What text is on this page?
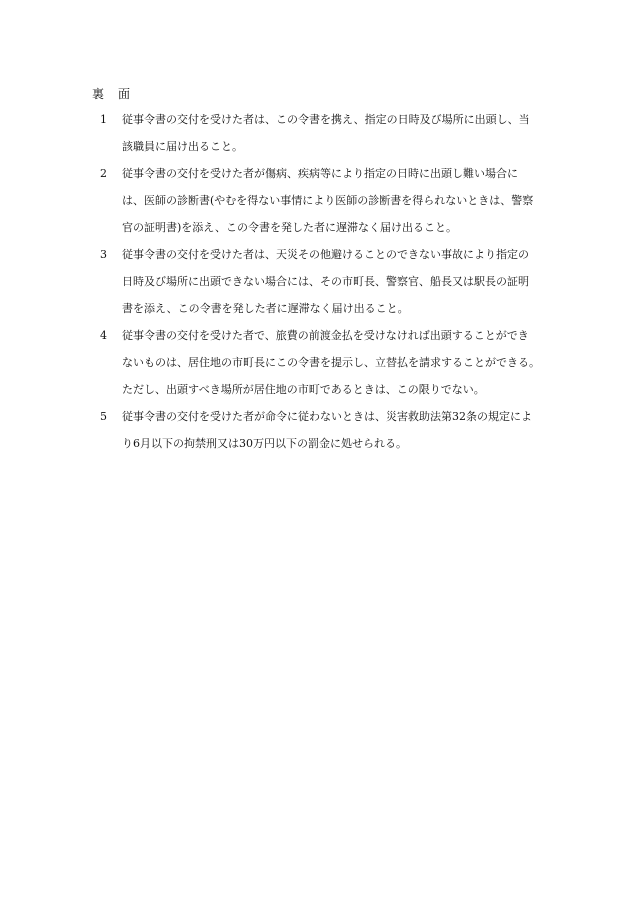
裏　面
1 従事令書の交付を受けた者は、この令書を携え、指定の日時及び場所に出頭し、当
該職員に届け出ること。
2 従事令書の交付を受けた者が傷病、疾病等により指定の日時に出頭し難い場合に
は、医師の診断書(やむを得ない事情により医師の診断書を得られないときは、警察
官の証明書)を添え、この令書を発した者に遅滞なく届け出ること。
3 従事令書の交付を受けた者は、天災その他避けることのできない事故により指定の
日時及び場所に出頭できない場合には、その市町長、警察官、船長又は駅長の証明
書を添え、この令書を発した者に遅滞なく届け出ること。
4 従事令書の交付を受けた者で、旅費の前渡金払を受けなければ出頭することができ
ないものは、居住地の市町長にこの令書を提示し、立替払を請求することができる。
ただし、出頭すべき場所が居住地の市町であるときは、この限りでない。
5 従事令書の交付を受けた者が命令に従わないときは、災害救助法第32条の規定によ
り6月以下の拘禁刑又は30万円以下の罰金に処せられる。
